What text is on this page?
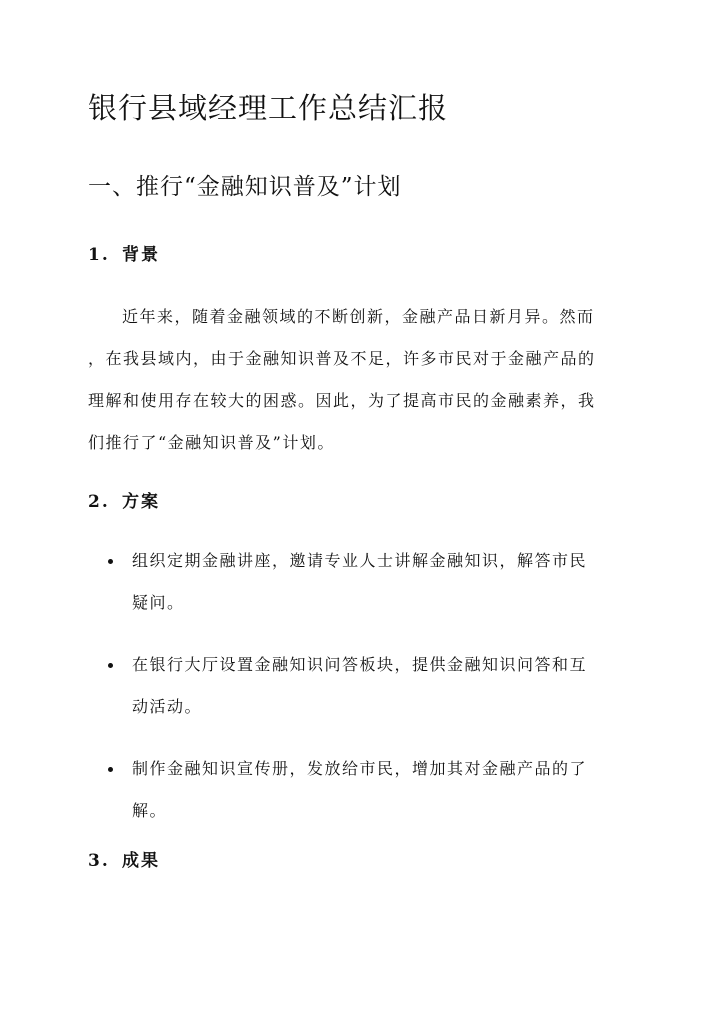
银行县域经理工作总结汇报
一、推行“金融知识普及”计划
1. 背景
近年来，随着金融领域的不断创新，金融产品日新月异。然而
，在我县域内，由于金融知识普及不足，许多市民对于金融产品的
理解和使用存在较大的困惑。因此，为了提高市民的金融素养，我
们推行了“金融知识普及”计划。
2. 方案
组织定期金融讲座，邀请专业人士讲解金融知识，解答市民
疑问。
在银行大厅设置金融知识问答板块，提供金融知识问答和互
动活动。
制作金融知识宣传册，发放给市民，增加其对金融产品的了
解。
3. 成果
